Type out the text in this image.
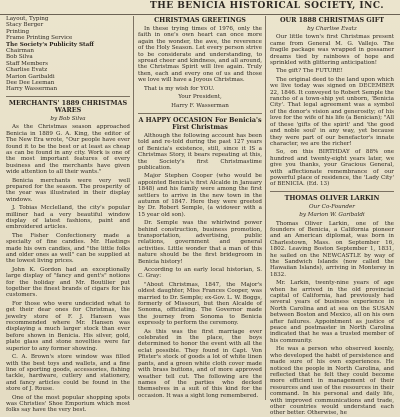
THE BENICIA HISTORICAL SOCIETY, INC.
Layout, Typing
Stacy Berger
Printing
Frame Printing Service
The Society's Publicity Staff
Chairman
Bob Silva
Staff Members
Charlise Evatz
Marion Garibaldi
Dee Dee Leeman
Harry Wasserman
MERCHANTS' 1889 CHRISTMAS WARES
by Bob Silva

As the Christmas season approached Benicia in 1889 G. A. King, the editor of The New Era wrote, "Our people have ever found it to be the best or at least as cheap as can be found in any city. Work is one of the most important features of every business and the merchants have given wide attention to all their wants."

Benicia merchants were very well prepared for the season. The prosperity of the year was illustrated in their display windows.

J. Tobias Mcclelland, the city's popular milliner had a very beautiful window display of latest fashions, paint and embroidered articles.

The Fisher Confectionery made a specialty of fine candies. Mr. Hastings made his own candies, and "the little folks and older ones as well" can be supplied at the lowest living prices.

John K. Gordon had an exceptionally large display of "fancy and gent's" notions for the holiday and Mr. Boutilier put together the finest brands of cigars for his customers.

For those who were undecided what to get their dear ones for Christmas, the jewelry store of F. J. Hansen was recommended where Mr. Hansen was displaying a much larger stock than ever before shown in Benicia. His silver, gold, plate glass and stone novelties were far superior to any former showing.

C. A. Brown's store window was filled with the best toys and wallets, and a fine line of sporting goods, accessories, fishing tackle, hardware, cutlery and stationery, and fancy articles could be found in the store of J. Rouse.

One of the most popular shopping spots was Christies' Shoe Emporium which most folks say have the very best.

CHRISTMAS GREETINGS

In these trying times of 1976, only the faith in one's own heart can once more again the wonder, the awe, the reverence of the Holy Season. Let every person strive to be considerate and understanding, to spread cheer and kindness, and all around, the Christmas Spirit will live again. Truly then, each and every one of us and those we love will have a Joyous Christmas.

That is my wish for YOU.

Your President,
Harry F. Wasserman
A HAPPY OCCASION For Benicia's First Christmas

Although the following account has been told and re-told during the past 127 years of Benicia's existence, still, since it IS a Christmas Story, it bears repeating at this, the Society's first Christmastime publication.

Major Stephen Cooper (who would be appointed Benicia's first Alcalde in January 1848) and his family were among the first settlers to arrive in the new town in the autumn of 1847. Here they were greeted by Dr. Robert Semple, (a widower with a 15 year old son).

Dr. Semple was the whirlwind power behind construction, business promotion, transportation, advertising, public relations, government and general activities. Little wonder that a man of this nature should be the first bridegroom in Benicia history!

According to an early local historian, S. C. Gray:

"About Christmas, 1847, the Major's oldest daughter, Miss Frances Cooper, was married to Dr. Semple; ex-Gov. L. W. Boggs, formerly of Missouri, but then Alcalde of Sonoma, officiating. The Governor made the journey from Sonoma to Benicia expressly to perform the ceremony.

As this was the first marriage ever celebrated in the place, the boys determined to honor the event with all the eclat possible. They found in Capt. Von Pfister's stock of goods a lot of white linen pants, and a green white cloth cover made with brass buttons, and of more approved weather tell cut. The following are the names of the parties who decked themselves in a suit of this kind for the occasion. It was a sight long remembered.

OUR 1888 CHRISTMAS GIFT
by Charlise Evatz

Our little town's first Christmas present came from General M. G. Vallejo. The fragile package was wrapped in gossamer dreams tied by rainbows of hope and sprinkled with glittering anticipation!

The gift? The FUTURE!

The original deed to the land upon which we live today was signed on DECEMBER 22, 1846. It conveyed to Robert Semple the rancho of a town-ship yet unborn, 'Benicia City'. That legal agreement was a symbol of the donor's vision and generosity; of his love for the wife of his life (a Benician); "All of these 'gifts of the spirit' and 'the good and noble soul' in any way, yet because they were part of our benefactor's innate character, we are the richer!

So, on this BIRTHDAY of 88% one hundred and twenty-eight years later, we give you thanks, your Gracious General, with affectionate remembrance of our powerful place of residence, the 'Lady City' of BENICIA. (Ed. 13)

THOMAS OLIVER LARKIN
Our Co-Founder
by Marion W. Garibaldi

Thomas Oliver Larkin, one of the founders of Benicia, a California pioneer and an American diplomat, was born in Charlestown, Mass. on September 16, 1802. Leaving Boston September 1, 1831, he sailed on the NEWCASTLE by way of the Sandwich Islands (now called the Hawaiian Islands), arriving in Monterey in 1832.

Mr. Larkin, twenty-nine years of age when he arrived in the old provincial capital of California, had previously had several years of business experience in North Carolina and at sea on the SUSAN between Boston and Mexico, all on his own after failures. Appointment as justice of peace and postmaster in North Carolina indicated that he was a trusted member of his community.

He was a person who observed keenly, who developed the habit of persistence and made sure of his own experiences. He noticed the people in North Carolina, and reflected that he felt they could become more efficient in management of their resources and use of the resources in their command. In his personal and daily life, with improved communications and trade, other countries would understand each other better. Otherwise, he
